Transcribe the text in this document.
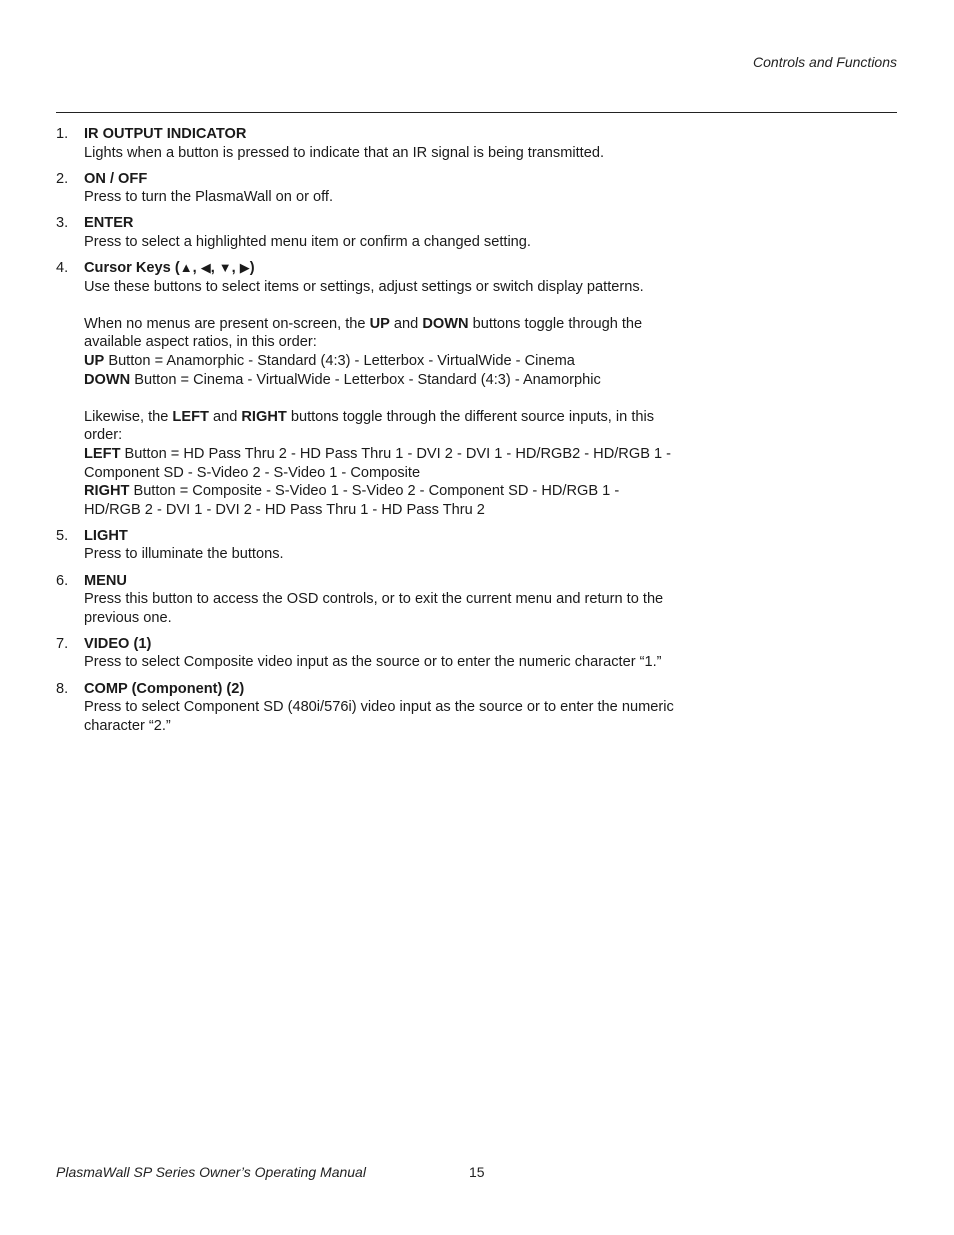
Controls and Functions
1. IR OUTPUT INDICATOR
Lights when a button is pressed to indicate that an IR signal is being transmitted.
2. ON / OFF
Press to turn the PlasmaWall on or off.
3. ENTER
Press to select a highlighted menu item or confirm a changed setting.
4. Cursor Keys (▲, ◀, ▼, ▶)
Use these buttons to select items or settings, adjust settings or switch display patterns.
When no menus are present on-screen, the UP and DOWN buttons toggle through the available aspect ratios, in this order:
UP Button = Anamorphic - Standard (4:3) - Letterbox - VirtualWide - Cinema
DOWN Button = Cinema - VirtualWide - Letterbox - Standard (4:3) - Anamorphic
Likewise, the LEFT and RIGHT buttons toggle through the different source inputs, in this order:
LEFT Button = HD Pass Thru 2 - HD Pass Thru 1 - DVI 2 - DVI 1 - HD/RGB2 - HD/RGB 1 - Component SD - S-Video 2 - S-Video 1 - Composite
RIGHT Button = Composite - S-Video 1 - S-Video 2 - Component SD - HD/RGB 1 - HD/RGB 2 - DVI 1 - DVI 2 - HD Pass Thru 1 - HD Pass Thru 2
5. LIGHT
Press to illuminate the buttons.
6. MENU
Press this button to access the OSD controls, or to exit the current menu and return to the previous one.
7. VIDEO (1)
Press to select Composite video input as the source or to enter the numeric character “1.”
8. COMP (Component) (2)
Press to select Component SD (480i/576i) video input as the source or to enter the numeric character “2.”
PlasmaWall SP Series Owner’s Operating Manual	15
